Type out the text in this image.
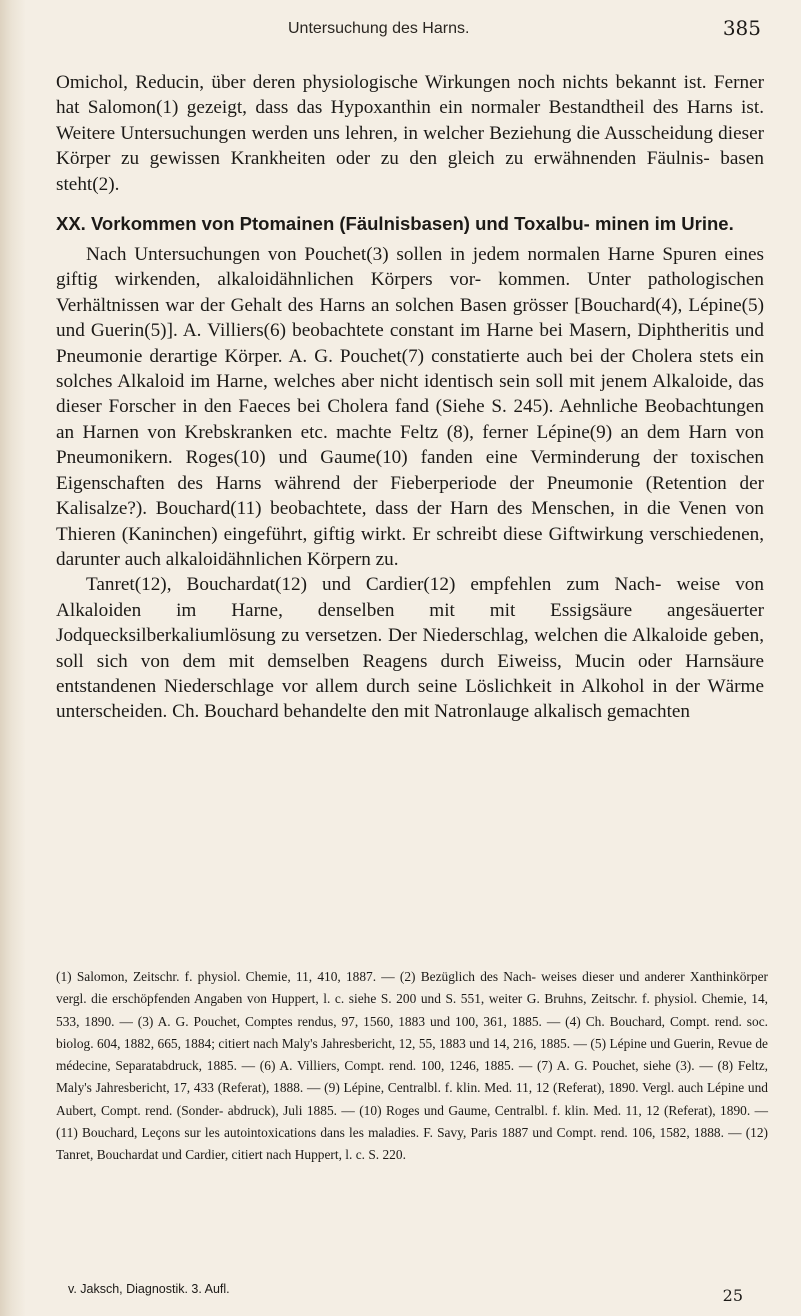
Untersuchung des Harns.	385

Omichol, Reducin, über deren physiologische Wirkungen noch nichts bekannt ist. Ferner hat Salomon(1) gezeigt, dass das Hypoxanthin ein normaler Bestandtheil des Harns ist. Weitere Untersuchungen werden uns lehren, in welcher Beziehung die Ausscheidung dieser Körper zu gewissen Krankheiten oder zu den gleich zu erwähnenden Fäulnis- basen steht(2).

XX. Vorkommen von Ptomainen (Fäulnisbasen) und Toxalbu- minen im Urine.

Nach Untersuchungen von Pouchet(3) sollen in jedem normalen Harne Spuren eines giftig wirkenden, alkaloidähnlichen Körpers vor- kommen. Unter pathologischen Verhältnissen war der Gehalt des Harns an solchen Basen grösser [Bouchard(4), Lépine(5) und Guerin(5)]. A. Villiers(6) beobachtete constant im Harne bei Masern, Diphtheritis und Pneumonie derartige Körper. A. G. Pouchet(7) constatierte auch bei der Cholera stets ein solches Alkaloid im Harne, welches aber nicht identisch sein soll mit jenem Alkaloide, das dieser Forscher in den Faeces bei Cholera fand (Siehe S. 245). Aehnliche Beobachtungen an Harnen von Krebskranken etc. machte Feltz (8), ferner Lépine(9) an dem Harn von Pneumonikern. Roges(10) und Gaume(10) fanden eine Verminderung der toxischen Eigenschaften des Harns während der Fieberperiode der Pneumonie (Retention der Kalisalze?). Bouchard(11) beobachtete, dass der Harn des Menschen, in die Venen von Thieren (Kaninchen) eingeführt, giftig wirkt. Er schreibt diese Giftwirkung verschiedenen, darunter auch alkaloidähnlichen Körpern zu.

Tanret(12), Bouchardat(12) und Cardier(12) empfehlen zum Nach- weise von Alkaloiden im Harne, denselben mit mit Essigsäure angesäuerter Jodquecksilberkaliumlösung zu versetzen. Der Niederschlag, welchen die Alkaloide geben, soll sich von dem mit demselben Reagens durch Eiweiss, Mucin oder Harnsäure entstandenen Niederschlage vor allem durch seine Löslichkeit in Alkohol in der Wärme unterscheiden. Ch. Bouchard behandelte den mit Natronlauge alkalisch gemachten

(1) Salomon, Zeitschr. f. physiol. Chemie, 11, 410, 1887. — (2) Bezüglich des Nach- weises dieser und anderer Xanthinkörper vergl. die erschöpfenden Angaben von Huppert, l. c. siehe S. 200 und S. 551, weiter G. Bruhns, Zeitschr. f. physiol. Chemie, 14, 533, 1890. — (3) A. G. Pouchet, Comptes rendus, 97, 1560, 1883 und 100, 361, 1885. — (4) Ch. Bouchard, Compt. rend. soc. biolog. 604, 1882, 665, 1884; citiert nach Maly's Jahresbericht, 12, 55, 1883 und 14, 216, 1885. — (5) Lépine und Guerin, Revue de médecine, Separatabdruck, 1885. — (6) A. Villiers, Compt. rend. 100, 1246, 1885. — (7) A. G. Pouchet, siehe (3). — (8) Feltz, Maly's Jahresbericht, 17, 433 (Referat), 1888. — (9) Lépine, Centralbl. f. klin. Med. 11, 12 (Referat), 1890. Vergl. auch Lépine und Aubert, Compt. rend. (Sonder- abdruck), Juli 1885. — (10) Roges und Gaume, Centralbl. f. klin. Med. 11, 12 (Referat), 1890. — (11) Bouchard, Leçons sur les autointoxications dans les maladies. F. Savy, Paris 1887 und Compt. rend. 106, 1582, 1888. — (12) Tanret, Bouchardat und Cardier, citiert nach Huppert, l. c. S. 220.
v. Jaksch, Diagnostik. 3. Aufl.	25
